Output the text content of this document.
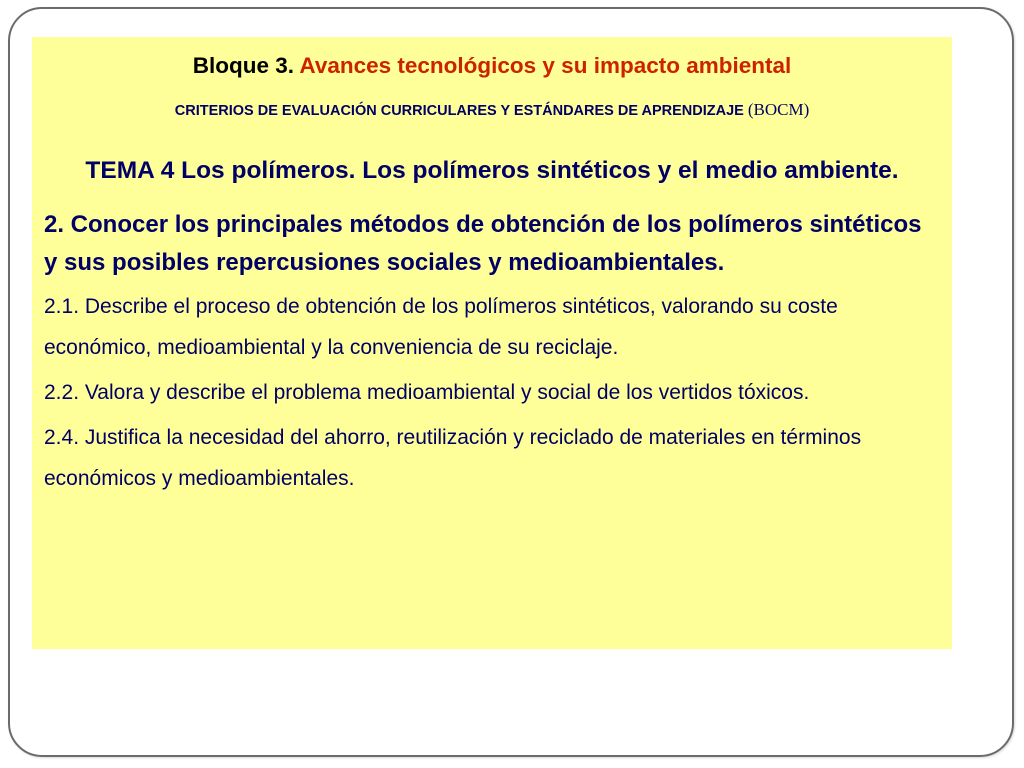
Bloque 3. Avances tecnológicos y su impacto ambiental
CRITERIOS DE EVALUACIÓN CURRICULARES Y ESTÁNDARES DE APRENDIZAJE (BOCM)
TEMA 4 Los polímeros. Los polímeros sintéticos y el medio ambiente.
2. Conocer los principales métodos de obtención de los polímeros sintéticos y sus posibles repercusiones sociales y medioambientales.
2.1. Describe el proceso de obtención de los polímeros sintéticos, valorando su coste económico, medioambiental y la conveniencia de su reciclaje.
2.2. Valora y describe el problema medioambiental y social de los vertidos tóxicos.
2.4. Justifica la necesidad del ahorro, reutilización y reciclado de materiales en términos económicos y medioambientales.
